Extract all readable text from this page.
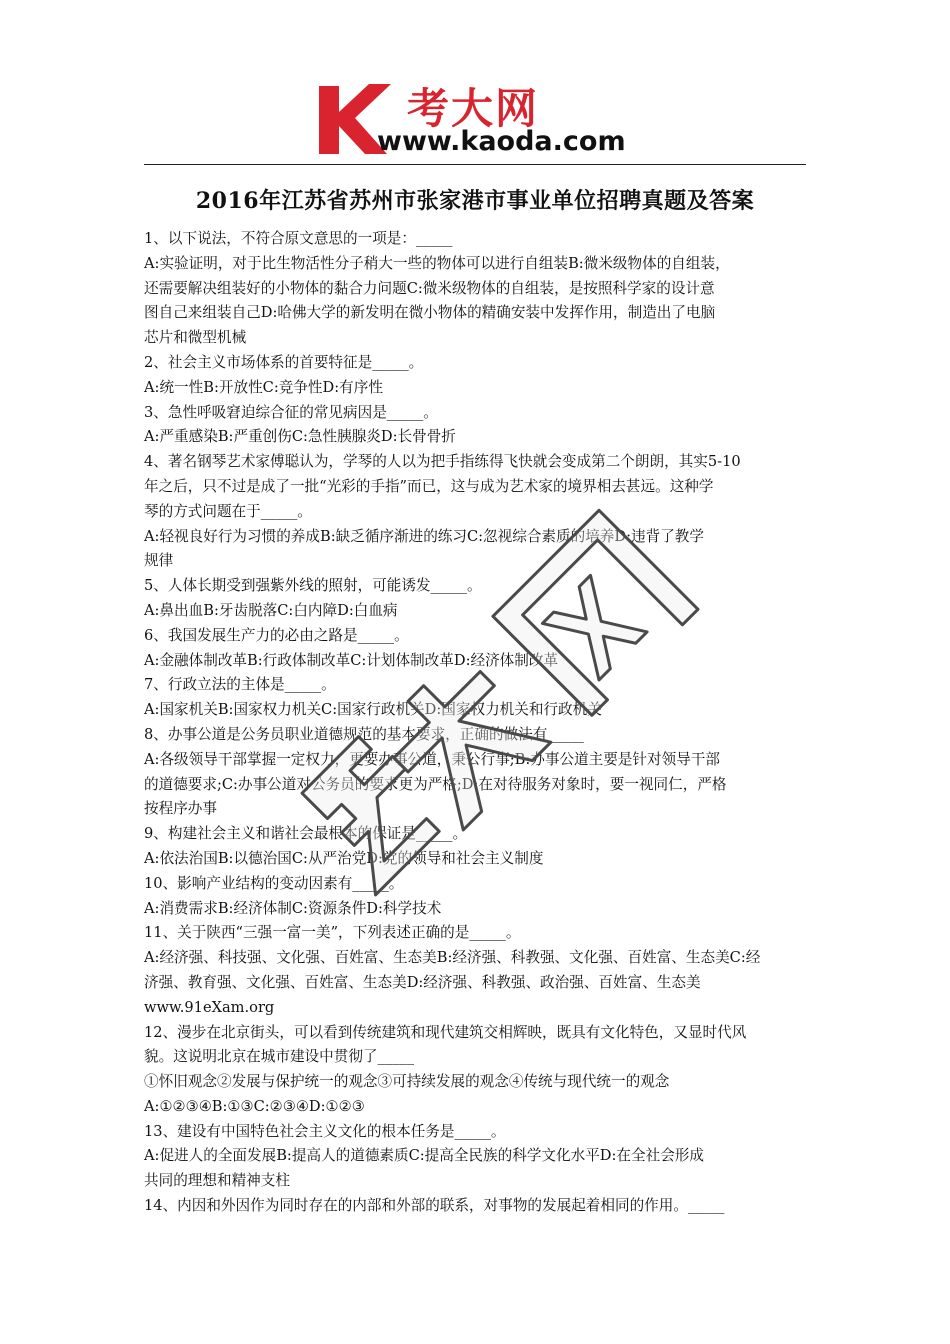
考大网
www.kaoda.com
2016年江苏省苏州市张家港市事业单位招聘真题及答案

1、以下说法，不符合原文意思的一项是：_____

A:实验证明，对于比生物活性分子稍大一些的物体可以进行自组装B:微米级物体的自组装，

还需要解决组装好的小物体的黏合力问题C:微米级物体的自组装，是按照科学家的设计意

图自己来组装自己D:哈佛大学的新发明在微小物体的精确安装中发挥作用，制造出了电脑

芯片和微型机械

2、社会主义市场体系的首要特征是_____。

A:统一性B:开放性C:竞争性D:有序性

3、急性呼吸窘迫综合征的常见病因是_____。

A:严重感染B:严重创伤C:急性胰腺炎D:长骨骨折

4、著名钢琴艺术家傅聪认为，学琴的人以为把手指练得飞快就会变成第二个朗朗，其实5-10

年之后，只不过是成了一批“光彩的手指”而已，这与成为艺术家的境界相去甚远。这种学

琴的方式问题在于_____。

A:轻视良好行为习惯的养成B:缺乏循序渐进的练习C:忽视综合素质的培养D:违背了教学

规律

5、人体长期受到强紫外线的照射，可能诱发_____。

A:鼻出血B:牙齿脱落C:白内障D:白血病

6、我国发展生产力的必由之路是_____。

A:金融体制改革B:行政体制改革C:计划体制改革D:经济体制改革

7、行政立法的主体是_____。

A:国家机关B:国家权力机关C:国家行政机关D:国家权力机关和行政机关

8、办事公道是公务员职业道德规范的基本要求，正确的做法有_____

A:各级领导干部掌握一定权力，更要办事公道，秉公行事;B:办事公道主要是针对领导干部

的道德要求;C:办事公道对公务员的要求更为严格;D:在对待服务对象时，要一视同仁，严格

按程序办事

9、构建社会主义和谐社会最根本的保证是_____。

A:依法治国B:以德治国C:从严治党D:党的领导和社会主义制度

10、影响产业结构的变动因素有_____。

A:消费需求B:经济体制C:资源条件D:科学技术

11、关于陕西“三强一富一美”，下列表述正确的是_____。

A:经济强、科技强、文化强、百姓富、生态美B:经济强、科教强、文化强、百姓富、生态美C:经

济强、教育强、文化强、百姓富、生态美D:经济强、科教强、政治强、百姓富、生态美

www.91eXam.org

12、漫步在北京街头，可以看到传统建筑和现代建筑交相辉映，既具有文化特色，又显时代风

貌。这说明北京在城市建设中贯彻了_____

①怀旧观念②发展与保护统一的观念③可持续发展的观念④传统与现代统一的观念

A:①②③④B:①③C:②③④D:①②③

13、建设有中国特色社会主义文化的根本任务是_____。

A:促进人的全面发展B:提高人的道德素质C:提高全民族的科学文化水平D:在全社会形成

共同的理想和精神支柱

14、内因和外因作为同时存在的内部和外部的联系，对事物的发展起着相同的作用。_____
